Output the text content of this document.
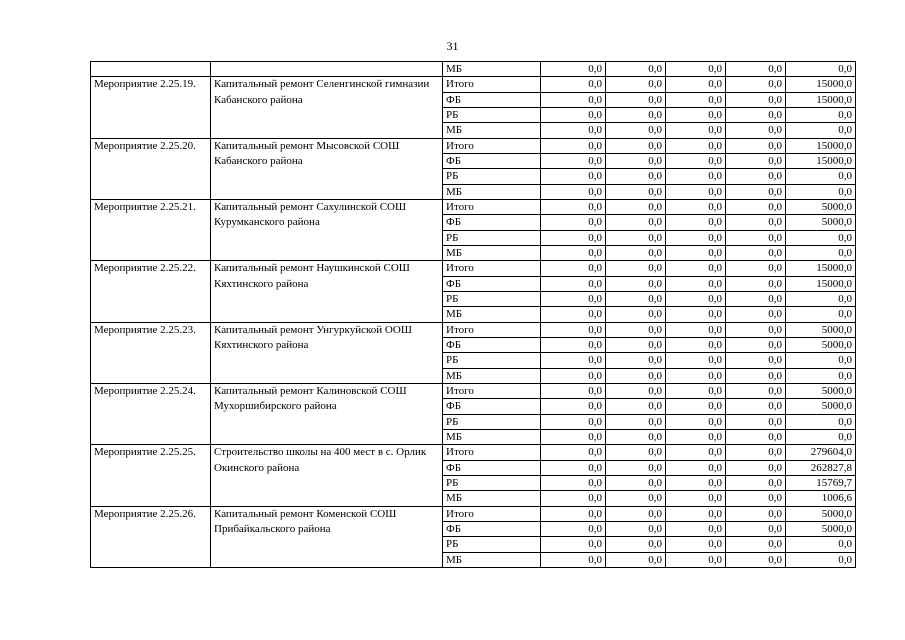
31
		МБ	0,0	0,0	0,0	0,0	0,0
Мероприятие 2.25.19.	Капитальный ремонт Селенгинской гимназии Кабанского района	Итого	0,0	0,0	0,0	0,0	15000,0
		ФБ	0,0	0,0	0,0	0,0	15000,0
		РБ	0,0	0,0	0,0	0,0	0,0
		МБ	0,0	0,0	0,0	0,0	0,0
Мероприятие 2.25.20.	Капитальный ремонт Мысовской СОШ Кабанского района	Итого	0,0	0,0	0,0	0,0	15000,0
		ФБ	0,0	0,0	0,0	0,0	15000,0
		РБ	0,0	0,0	0,0	0,0	0,0
		МБ	0,0	0,0	0,0	0,0	0,0
Мероприятие 2.25.21.	Капитальный ремонт Сахулинской СОШ Курумканского района	Итого	0,0	0,0	0,0	0,0	5000,0
		ФБ	0,0	0,0	0,0	0,0	5000,0
		РБ	0,0	0,0	0,0	0,0	0,0
		МБ	0,0	0,0	0,0	0,0	0,0
Мероприятие 2.25.22.	Капитальный ремонт Наушкинской СОШ Кяхтинского района	Итого	0,0	0,0	0,0	0,0	15000,0
		ФБ	0,0	0,0	0,0	0,0	15000,0
		РБ	0,0	0,0	0,0	0,0	0,0
		МБ	0,0	0,0	0,0	0,0	0,0
Мероприятие 2.25.23.	Капитальный ремонт Унгуркуйской ООШ Кяхтинского района	Итого	0,0	0,0	0,0	0,0	5000,0
		ФБ	0,0	0,0	0,0	0,0	5000,0
		РБ	0,0	0,0	0,0	0,0	0,0
		МБ	0,0	0,0	0,0	0,0	0,0
Мероприятие 2.25.24.	Капитальный ремонт Калиновской СОШ Мухоршибирского района	Итого	0,0	0,0	0,0	0,0	5000,0
		ФБ	0,0	0,0	0,0	0,0	5000,0
		РБ	0,0	0,0	0,0	0,0	0,0
		МБ	0,0	0,0	0,0	0,0	0,0
Мероприятие 2.25.25.	Строительство школы на 400 мест в с. Орлик Окинского района	Итого	0,0	0,0	0,0	0,0	279604,0
		ФБ	0,0	0,0	0,0	0,0	262827,8
		РБ	0,0	0,0	0,0	0,0	15769,7
		МБ	0,0	0,0	0,0	0,0	1006,6
Мероприятие 2.25.26.	Капитальный ремонт Коменской СОШ Прибайкальского района	Итого	0,0	0,0	0,0	0,0	5000,0
		ФБ	0,0	0,0	0,0	0,0	5000,0
		РБ	0,0	0,0	0,0	0,0	0,0
		МБ	0,0	0,0	0,0	0,0	0,0
